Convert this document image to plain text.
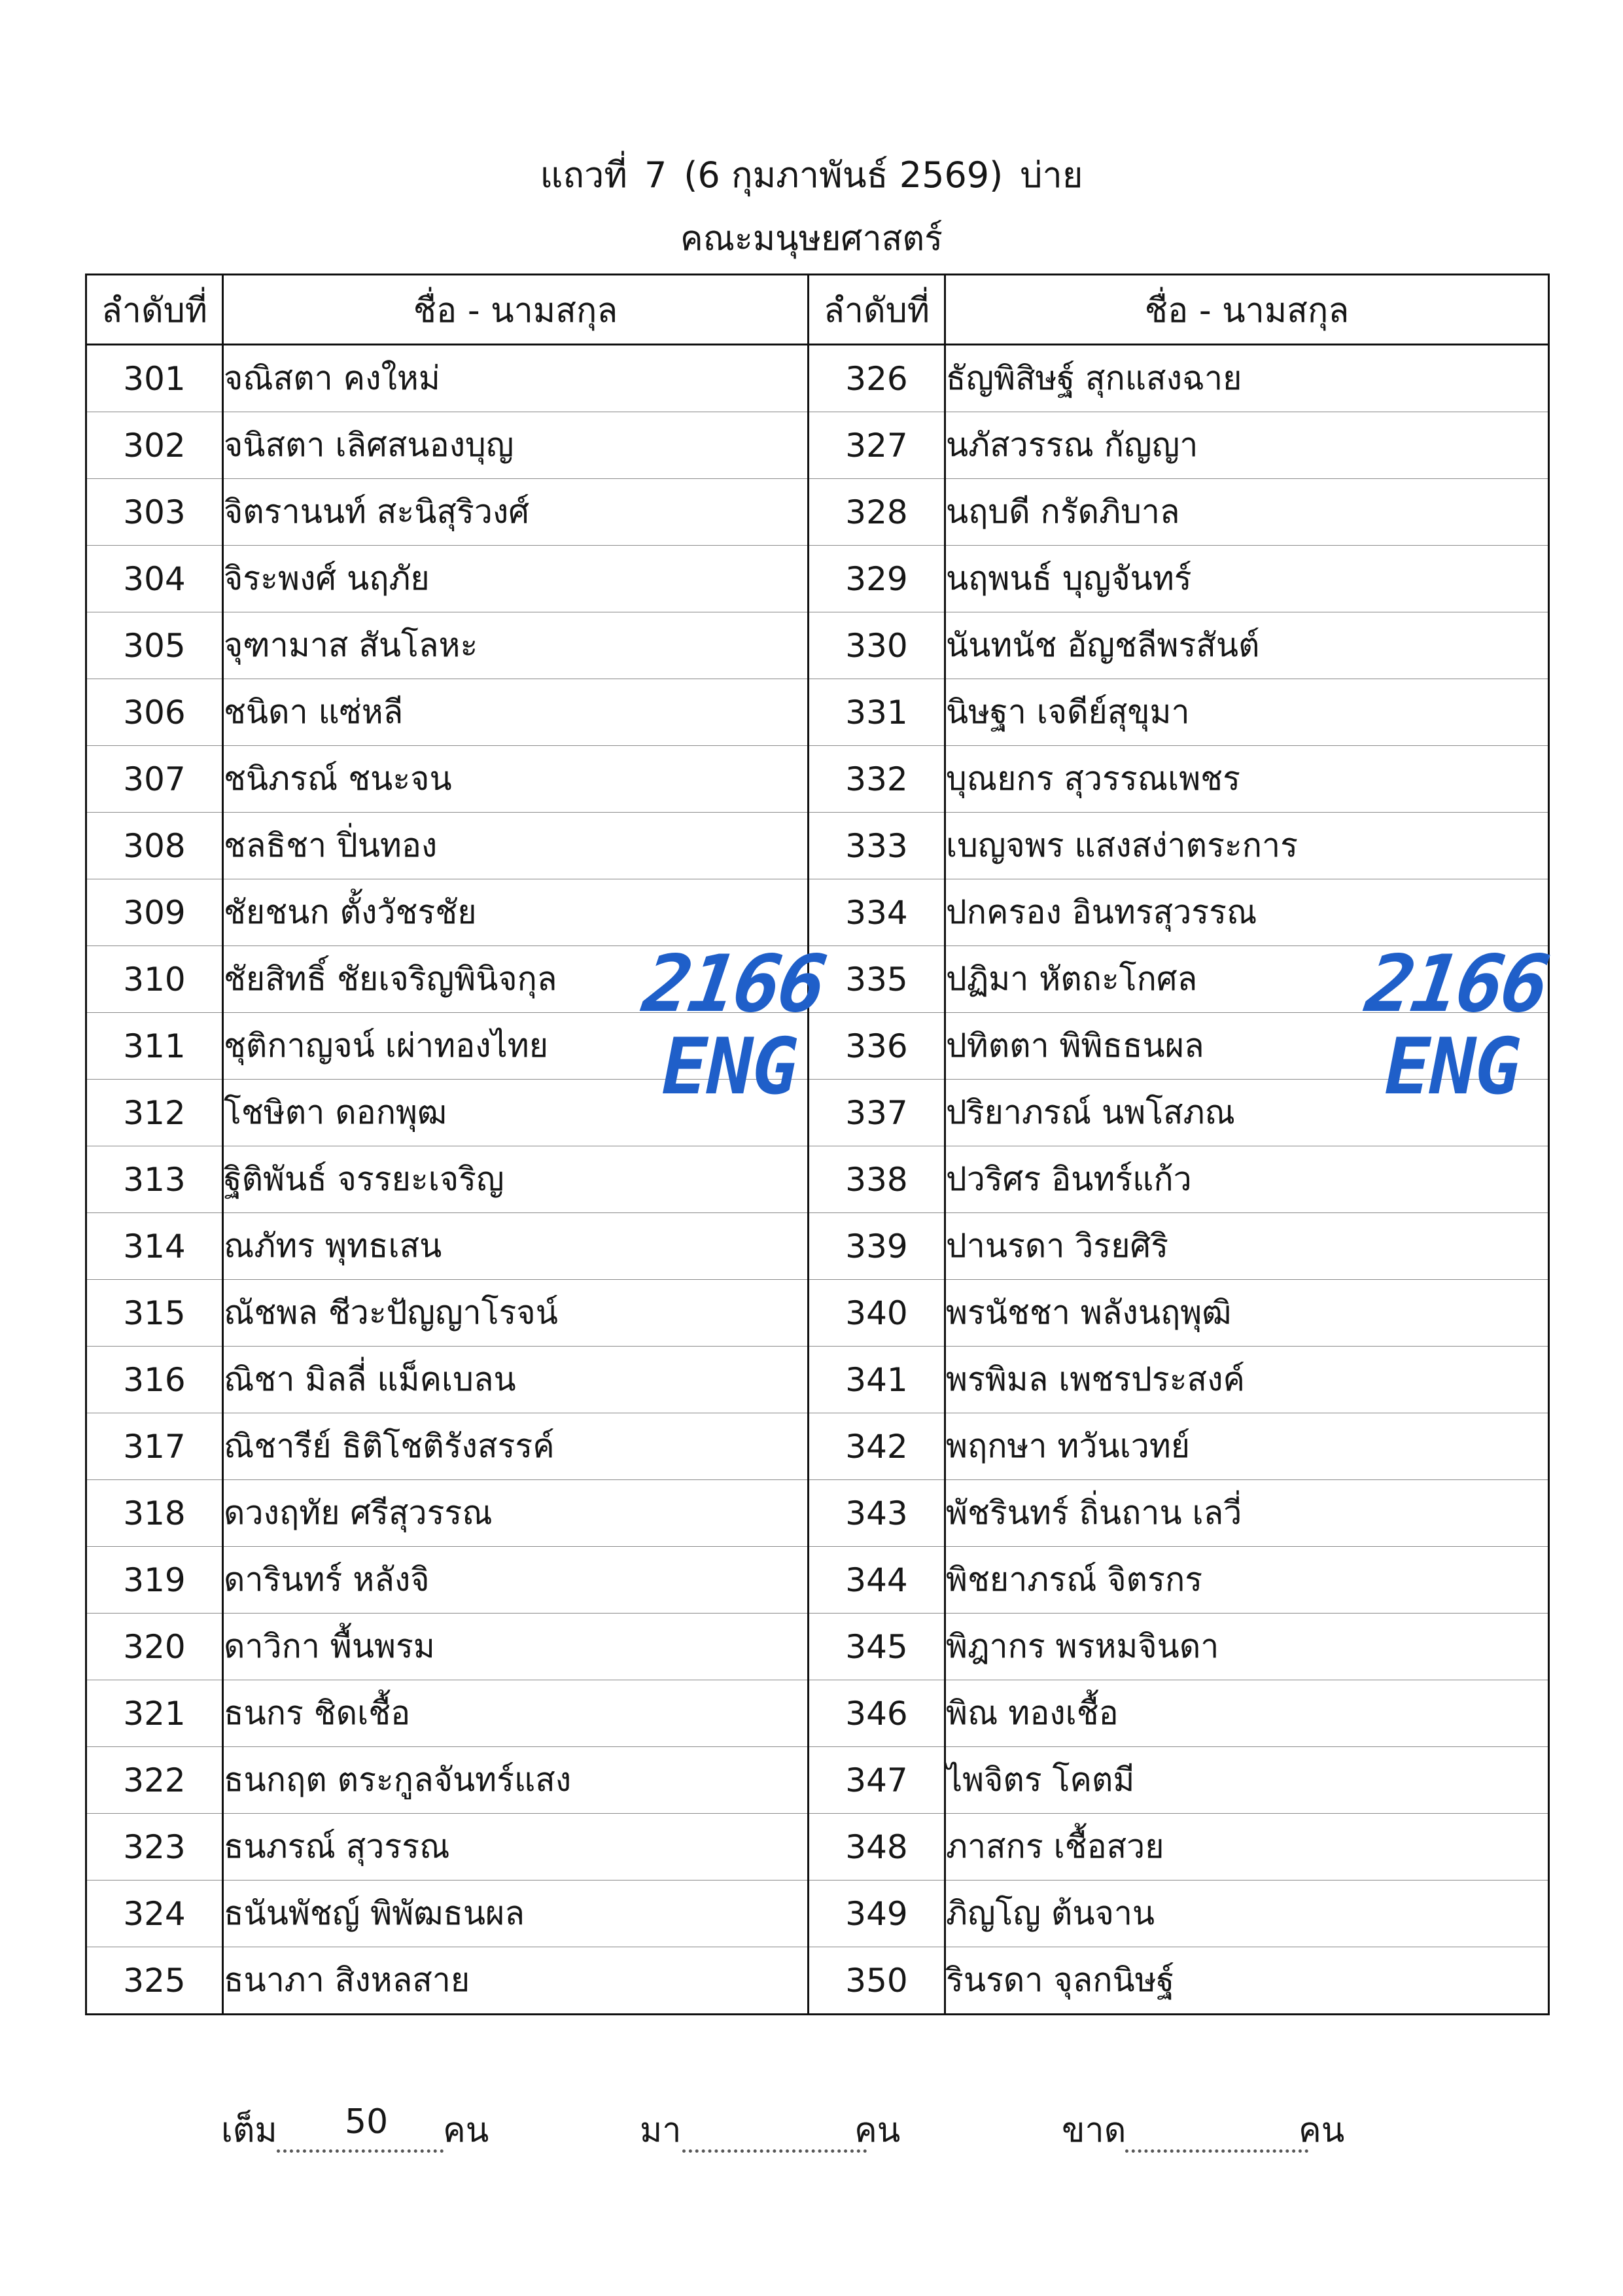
แถวที่ 7 (6 กุมภาพันธ์ 2569) บ่าย
คณะมนุษยศาสตร์
ลำดับที่	ชื่อ - นามสกุล	ลำดับที่	ชื่อ - นามสกุล
301	จณิสตา คงใหม่	326	ธัญพิสิษฐ์ สุกแสงฉาย
302	จนิสตา เลิศสนองบุญ	327	นภัสวรรณ กัญญา
303	จิตรานนท์ สะนิสุริวงศ์	328	นฤบดี กรัดภิบาล
304	จิระพงศ์ นฤภัย	329	นฤพนธ์ บุญจันทร์
305	จุฑามาส สันโลหะ	330	นันทนัช อัญชลีพรสันต์
306	ชนิดา แซ่หลี	331	นิษฐา เจดีย์สุขุมา
307	ชนิภรณ์ ชนะจน	332	บุณยกร สุวรรณเพชร
308	ชลธิชา ปิ่นทอง	333	เบญจพร แสงสง่าตระการ
309	ชัยชนก ตั้งวัชรชัย	334	ปกครอง อินทรสุวรรณ
310	ชัยสิทธิ์ ชัยเจริญพินิจกุล	335	ปฏิมา หัตถะโกศล
311	ชุติกาญจน์ เผ่าทองไทย	336	ปทิตตา พิพิธธนผล
312	โชษิตา ดอกพุฒ	337	ปริยาภรณ์ นพโสภณ
313	ฐิติพันธ์ จรรยะเจริญ	338	ปวริศร อินทร์แก้ว
314	ณภัทร พุทธเสน	339	ปานรดา วิรยศิริ
315	ณัชพล ชีวะปัญญาโรจน์	340	พรนัชชา พลังนฤพุฒิ
316	ณิชา มิลลี่ แม็คเบลน	341	พรพิมล เพชรประสงค์
317	ณิชารีย์ ธิติโชติรังสรรค์	342	พฤกษา ทวันเวทย์
318	ดวงฤทัย ศรีสุวรรณ	343	พัชรินทร์ ถิ่นถาน เลวี่
319	ดารินทร์ หลังจิ	344	พิชยาภรณ์ จิตรกร
320	ดาวิกา พื้นพรม	345	พิฎากร พรหมจินดา
321	ธนกร ชิดเชื้อ	346	พิณ ทองเชื้อ
322	ธนกฤต ตระกูลจันทร์แสง	347	ไพจิตร โคตมี
323	ธนภรณ์ สุวรรณ	348	ภาสกร เชื้อสวย
324	ธนันพัชญ์ พิพัฒธนผล	349	ภิญโญ ต้นจาน
325	ธนาภา สิงหลสาย	350	รินรดา จุลกนิษฐ์
2166
ENG
2166
ENG
เต็ม 50 คน	มา	คน	ขาด	คน
